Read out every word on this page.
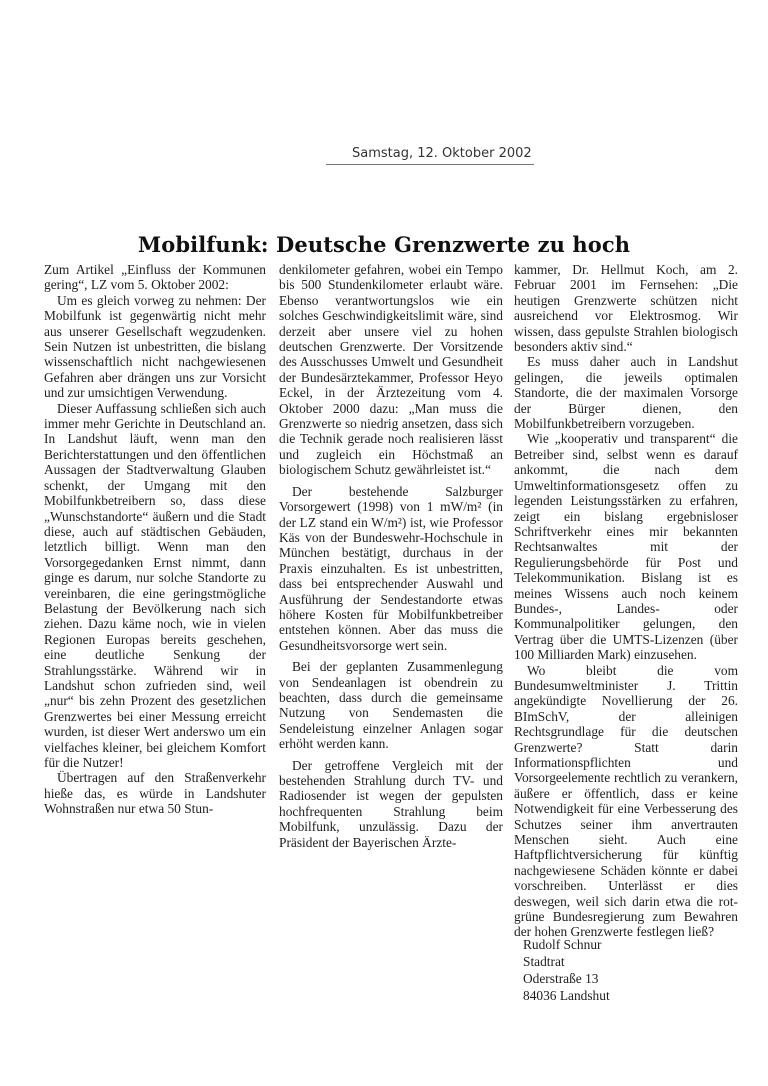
Samstag, 12. Oktober 2002
Mobilfunk: Deutsche Grenzwerte zu hoch

Zum Artikel „Einfluss der Kommunen gering“, LZ vom 5. Oktober 2002:

Um es gleich vorweg zu nehmen: Der Mobilfunk ist gegenwärtig nicht mehr aus unserer Gesellschaft wegzudenken. Sein Nutzen ist unbestritten, die bislang wissenschaftlich nicht nachgewiesenen Gefahren aber drängen uns zur Vorsicht und zur umsichtigen Verwendung.

Dieser Auffassung schließen sich auch immer mehr Gerichte in Deutschland an. In Landshut läuft, wenn man den Berichterstattungen und den öffentlichen Aussagen der Stadtverwaltung Glauben schenkt, der Umgang mit den Mobilfunkbetreibern so, dass diese „Wunschstandorte“ äußern und die Stadt diese, auch auf städtischen Gebäuden, letztlich billigt. Wenn man den Vorsorgegedanken Ernst nimmt, dann ginge es darum, nur solche Standorte zu vereinbaren, die eine geringstmögliche Belastung der Bevölkerung nach sich ziehen. Dazu käme noch, wie in vielen Regionen Europas bereits geschehen, eine deutliche Senkung der Strahlungsstärke. Während wir in Landshut schon zufrieden sind, weil „nur“ bis zehn Prozent des gesetzlichen Grenzwertes bei einer Messung erreicht wurden, ist dieser Wert anderswo um ein vielfaches kleiner, bei gleichem Komfort für die Nutzer!

Übertragen auf den Straßenverkehr hieße das, es würde in Landshuter Wohnstraßen nur etwa 50 Stun-

denkilometer gefahren, wobei ein Tempo bis 500 Stundenkilometer erlaubt wäre. Ebenso verantwortungslos wie ein solches Geschwindigkeitslimit wäre, sind derzeit aber unsere viel zu hohen deutschen Grenzwerte. Der Vorsitzende des Ausschusses Umwelt und Gesundheit der Bundesärztekammer, Professor Heyo Eckel, in der Ärztezeitung vom 4. Oktober 2000 dazu: „Man muss die Grenzwerte so niedrig ansetzen, dass sich die Technik gerade noch realisieren lässt und zugleich ein Höchstmaß an biologischem Schutz gewährleistet ist.“

Der bestehende Salzburger Vorsorgewert (1998) von 1 mW/m² (in der LZ stand ein W/m²) ist, wie Professor Käs von der Bundeswehr-Hochschule in München bestätigt, durchaus in der Praxis einzuhalten. Es ist unbestritten, dass bei entsprechender Auswahl und Ausführung der Sendestandorte etwas höhere Kosten für Mobilfunkbetreiber entstehen können. Aber das muss die Gesundheitsvorsorge wert sein.

Bei der geplanten Zusammenlegung von Sendeanlagen ist obendrein zu beachten, dass durch die gemeinsame Nutzung von Sendemasten die Sendeleistung einzelner Anlagen sogar erhöht werden kann.

Der getroffene Vergleich mit der bestehenden Strahlung durch TV- und Radiosender ist wegen der gepulsten hochfrequenten Strahlung beim Mobilfunk, unzulässig. Dazu der Präsident der Bayerischen Ärzte-

kammer, Dr. Hellmut Koch, am 2. Februar 2001 im Fernsehen: „Die heutigen Grenzwerte schützen nicht ausreichend vor Elektrosmog. Wir wissen, dass gepulste Strahlen biologisch besonders aktiv sind.“

Es muss daher auch in Landshut gelingen, die jeweils optimalen Standorte, die der maximalen Vorsorge der Bürger dienen, den Mobilfunkbetreibern vorzugeben.

Wie „kooperativ und transparent“ die Betreiber sind, selbst wenn es darauf ankommt, die nach dem Umweltinformationsgesetz offen zu legenden Leistungsstärken zu erfahren, zeigt ein bislang ergebnisloser Schriftverkehr eines mir bekannten Rechtsanwaltes mit der Regulierungsbehörde für Post und Telekommunikation. Bislang ist es meines Wissens auch noch keinem Bundes-, Landes- oder Kommunalpolitiker gelungen, den Vertrag über die UMTS-Lizenzen (über 100 Milliarden Mark) einzusehen.

Wo bleibt die vom Bundesumweltminister J. Trittin angekündigte Novellierung der 26. BImSchV, der alleinigen Rechtsgrundlage für die deutschen Grenzwerte? Statt darin Informationspflichten und Vorsorgeelemente rechtlich zu verankern, äußere er öffentlich, dass er keine Notwendigkeit für eine Verbesserung des Schutzes seiner ihm anvertrauten Menschen sieht. Auch eine Haftpflichtversicherung für künftig nachgewiesene Schäden könnte er dabei vorschreiben. Unterlässt er dies deswegen, weil sich darin etwa die rot-grüne Bundesregierung zum Bewahren der hohen Grenzwerte festlegen ließ?

Rudolf Schnur
Stadtrat
Oderstraße 13
84036 Landshut
